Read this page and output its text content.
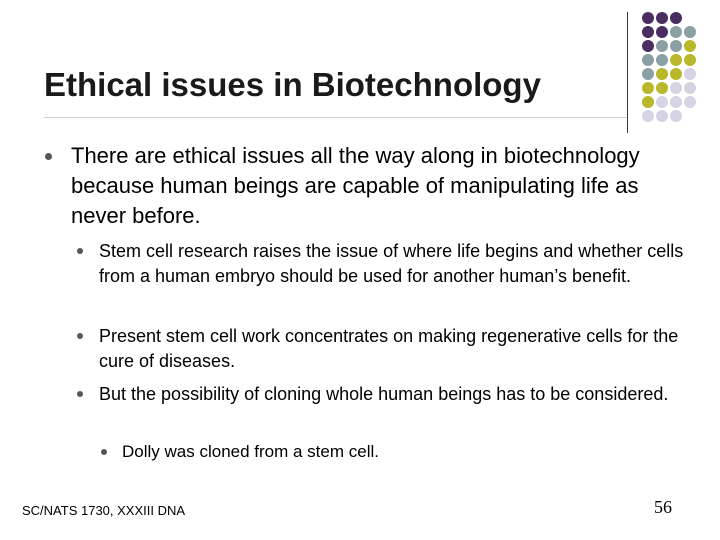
Ethical issues in Biotechnology
There are ethical issues all the way along in biotechnology because human beings are capable of manipulating life as never before.
Stem cell research raises the issue of where life begins and whether cells from a human embryo should be used for another human’s benefit.
Present stem cell work concentrates on making regenerative cells for the cure of diseases.
But the possibility of cloning whole human beings has to be considered.
Dolly was cloned from a stem cell.
SC/NATS 1730, XXXIII DNA	56
